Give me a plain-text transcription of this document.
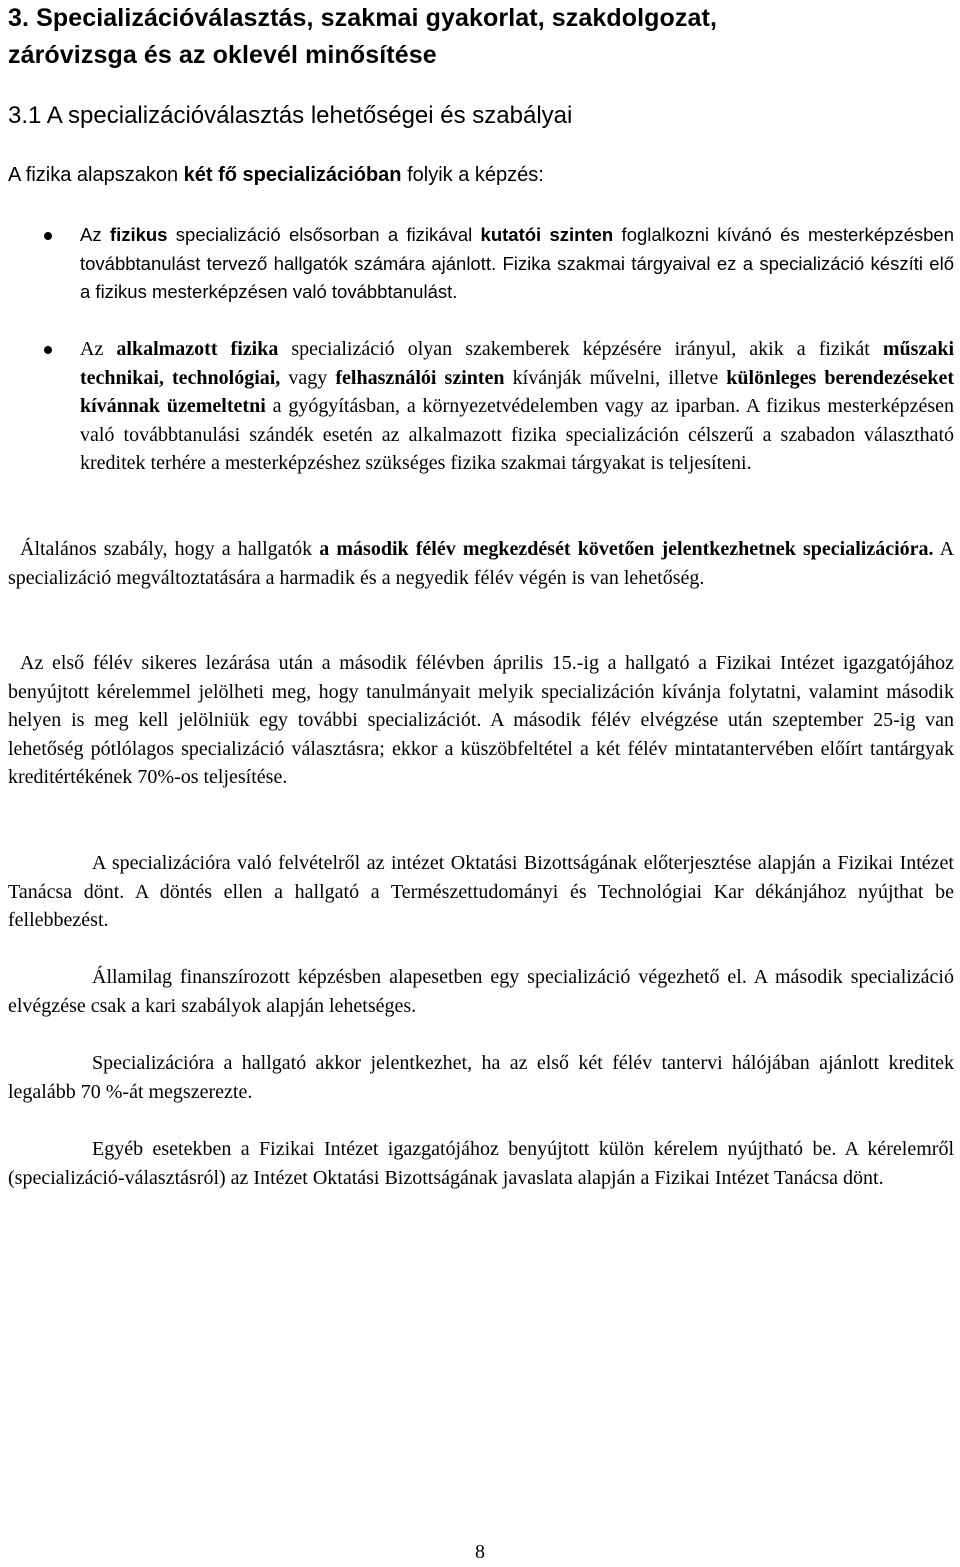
3. Specializációválasztás, szakmai gyakorlat, szakdolgozat,
záróvizsga és az oklevél minősítése
3.1 A specializációválasztás lehetőségei és szabályai

A fizika alapszakon két fő specializációban folyik a képzés:

Az fizikus specializáció elsősorban a fizikával kutatói szinten foglalkozni kívánó és mesterképzésben továbbtanulást tervező hallgatók számára ajánlott. Fizika szakmai tárgyaival ez a specializáció készíti elő a fizikus mesterképzésen való továbbtanulást.
Az alkalmazott fizika specializáció olyan szakemberek képzésére irányul, akik a fizikát műszaki technikai, technológiai, vagy felhasználói szinten kívánják művelni, illetve különleges berendezéseket kívánnak üzemeltetni a gyógyításban, a környezetvédelemben vagy az iparban. A fizikus mesterképzésen való továbbtanulási szándék esetén az alkalmazott fizika specializáción célszerű a szabadon választható kreditek terhére a mesterképzéshez szükséges fizika szakmai tárgyakat is teljesíteni.

Általános szabály, hogy a hallgatók a második félév megkezdését követően jelentkezhetnek specializációra. A specializáció megváltoztatására a harmadik és a negyedik félév végén is van lehetőség.

Az első félév sikeres lezárása után a második félévben április 15.-ig a hallgató a Fizikai Intézet igazgatójához benyújtott kérelemmel jelölheti meg, hogy tanulmányait melyik specializáción kívánja folytatni, valamint második helyen is meg kell jelölniük egy további specializációt. A második félév elvégzése után szeptember 25-ig van lehetőség pótlólagos specializáció választásra; ekkor a küszöbfeltétel a két félév mintatantervében előírt tantárgyak kreditértékének 70%-os teljesítése.

A specializációra való felvételről az intézet Oktatási Bizottságának előterjesztése alapján a Fizikai Intézet Tanácsa dönt. A döntés ellen a hallgató a Természettudományi és Technológiai Kar dékánjához nyújthat be fellebbezést.

Államilag finanszírozott képzésben alapesetben egy specializáció végezhető el. A második specializáció elvégzése csak a kari szabályok alapján lehetséges.

Specializációra a hallgató akkor jelentkezhet, ha az első két félév tantervi hálójában ajánlott kreditek legalább 70 %-át megszerezte.

Egyéb esetekben a Fizikai Intézet igazgatójához benyújtott külön kérelem nyújtható be. A kérelemről (specializáció-választásról) az Intézet Oktatási Bizottságának javaslata alapján a Fizikai Intézet Tanácsa dönt.

8
